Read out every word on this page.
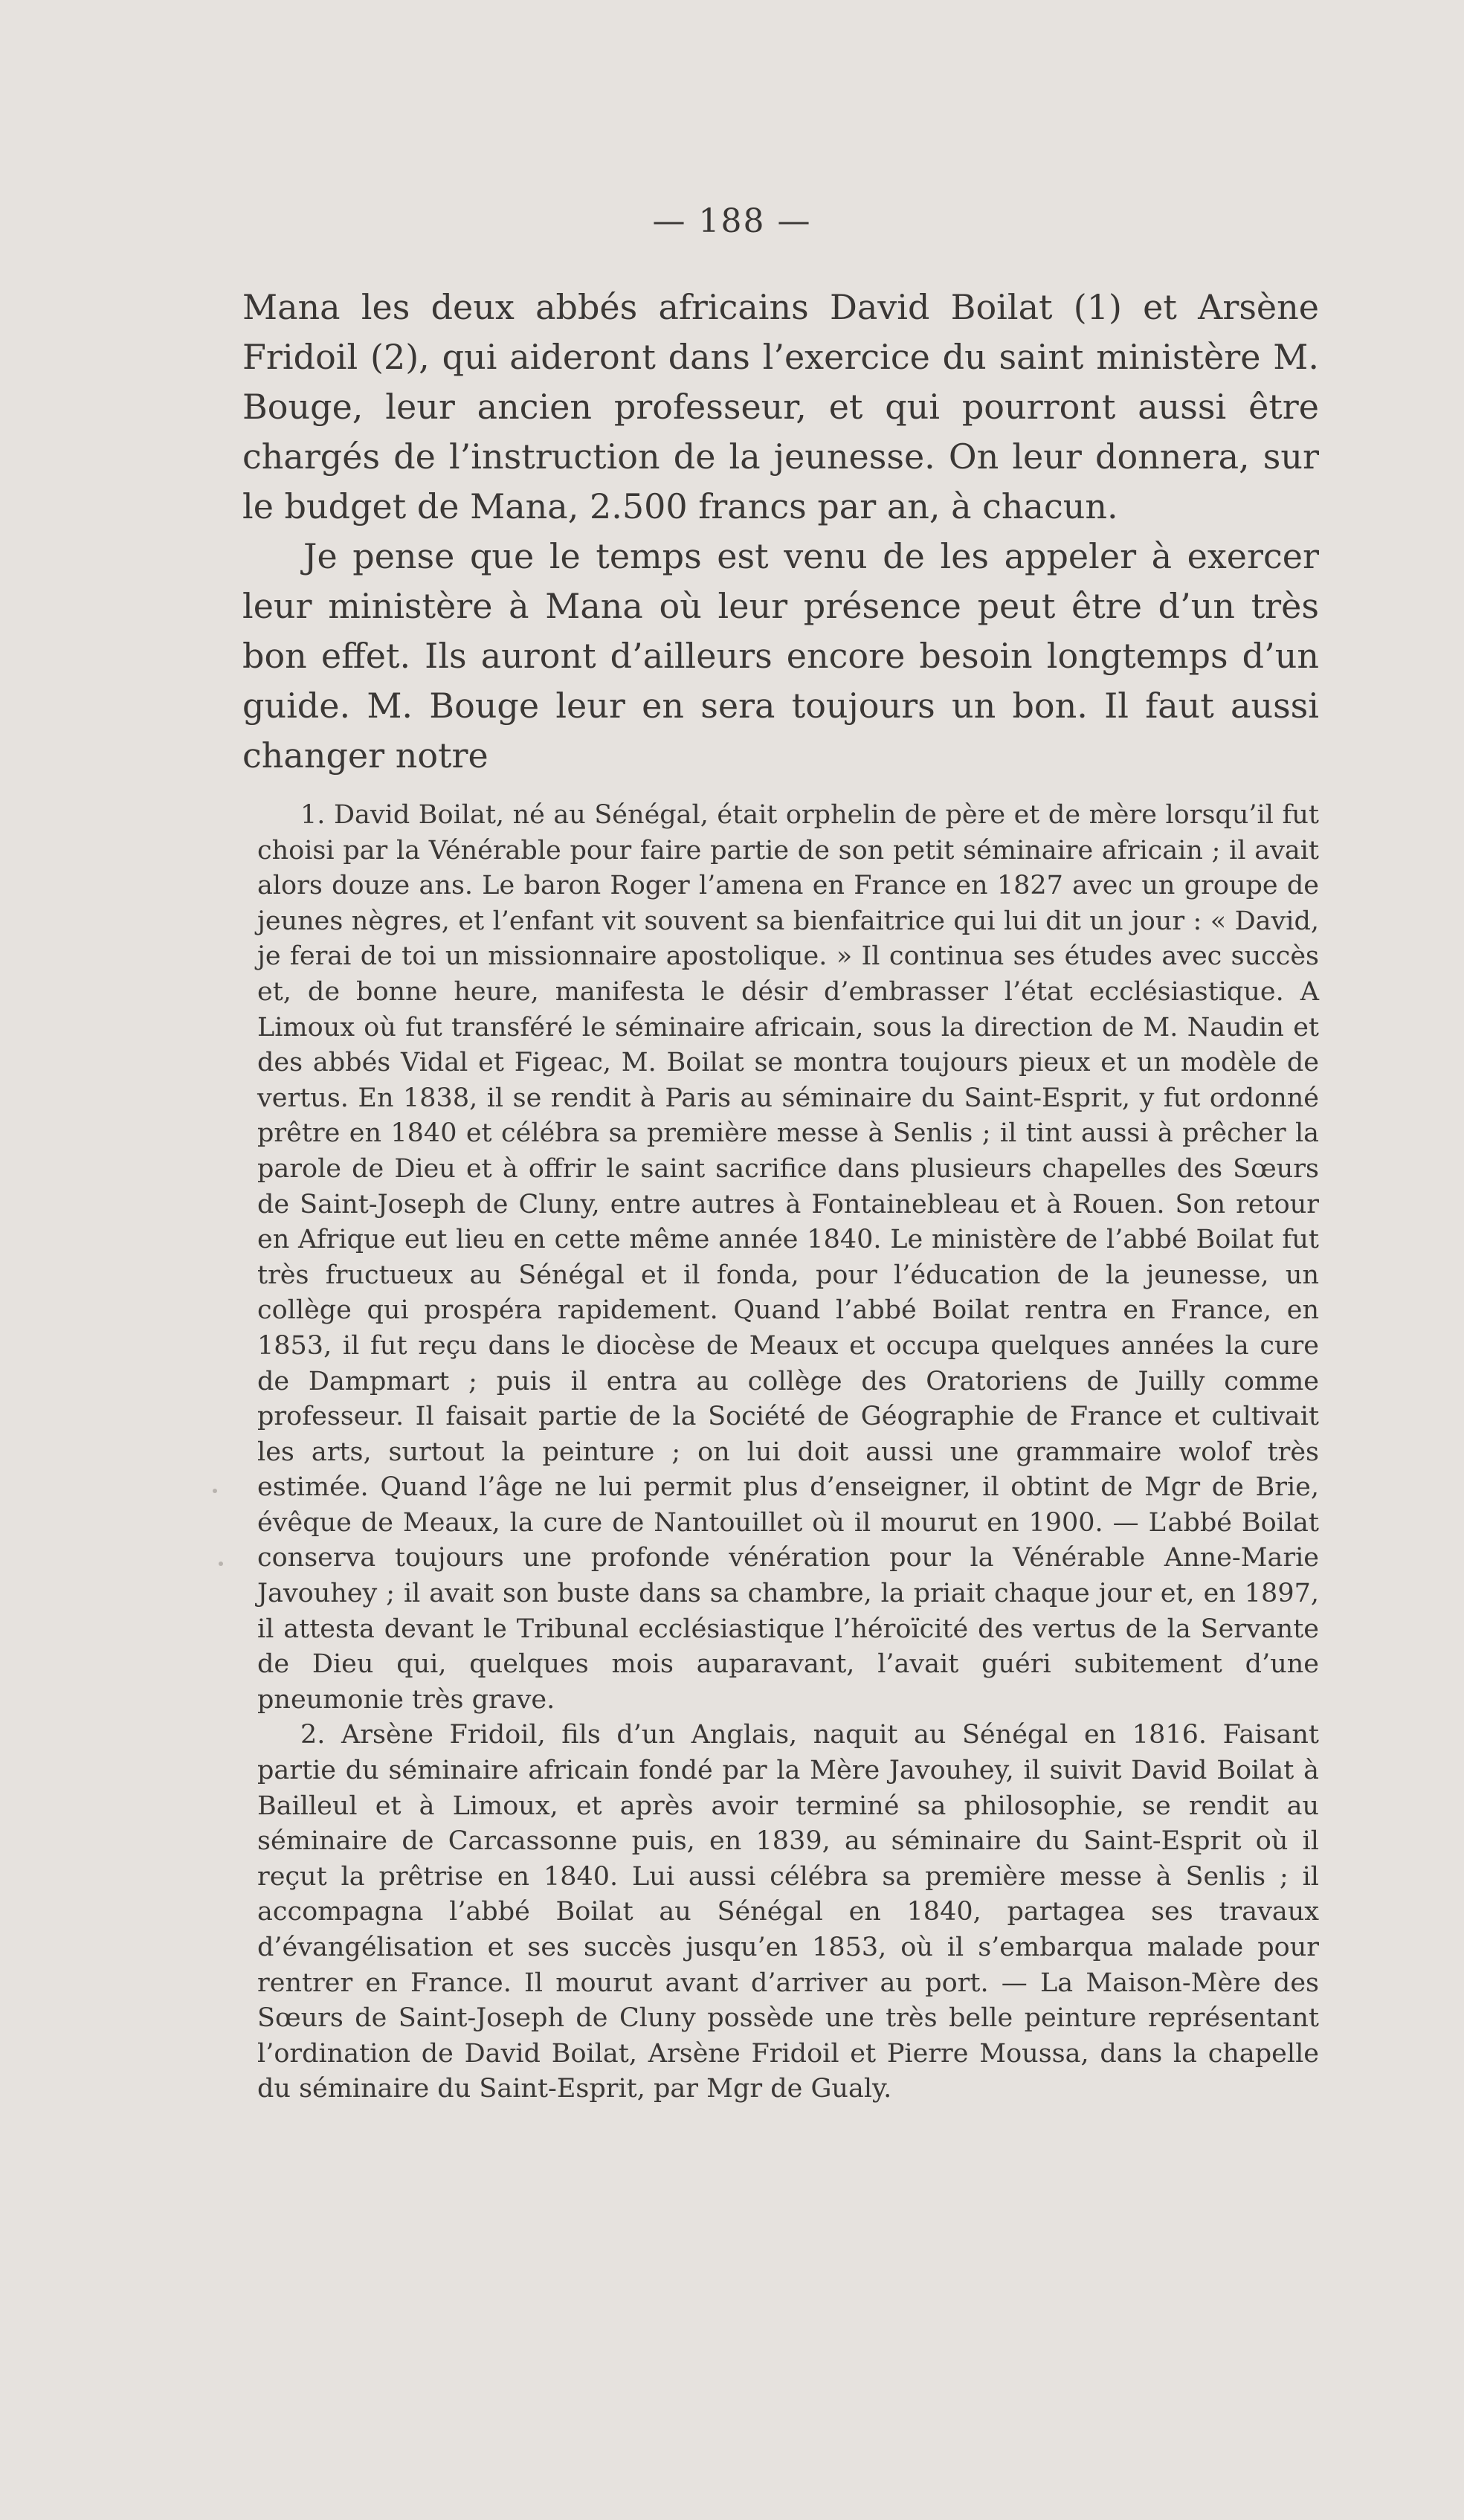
— 188 —

Mana les deux abbés africains David Boilat (1) et Arsène Fridoil (2), qui aideront dans l’exercice du saint ministère M. Bouge, leur ancien professeur, et qui pourront aussi être chargés de l’instruction de la jeunesse. On leur donnera, sur le budget de Mana, 2.500 francs par an, à chacun.

Je pense que le temps est venu de les appeler à exercer leur ministère à Mana où leur présence peut être d’un très bon effet. Ils auront d’ailleurs encore besoin longtemps d’un guide. M. Bouge leur en sera toujours un bon. Il faut aussi changer notre

1. David Boilat, né au Sénégal, était orphelin de père et de mère lorsqu’il fut choisi par la Vénérable pour faire partie de son petit séminaire africain ; il avait alors douze ans. Le baron Roger l’amena en France en 1827 avec un groupe de jeunes nègres, et l’enfant vit souvent sa bienfaitrice qui lui dit un jour : « David, je ferai de toi un missionnaire apostolique. » Il continua ses études avec succès et, de bonne heure, manifesta le désir d’embrasser l’état ecclésiastique. A Limoux où fut transféré le séminaire africain, sous la direction de M. Naudin et des abbés Vidal et Figeac, M. Boilat se montra toujours pieux et un modèle de vertus. En 1838, il se rendit à Paris au séminaire du Saint-Esprit, y fut ordonné prêtre en 1840 et célébra sa première messe à Senlis ; il tint aussi à prêcher la parole de Dieu et à offrir le saint sacrifice dans plusieurs chapelles des Sœurs de Saint-Joseph de Cluny, entre autres à Fontainebleau et à Rouen. Son retour en Afrique eut lieu en cette même année 1840. Le ministère de l’abbé Boilat fut très fructueux au Sénégal et il fonda, pour l’éducation de la jeunesse, un collège qui prospéra rapidement. Quand l’abbé Boilat rentra en France, en 1853, il fut reçu dans le diocèse de Meaux et occupa quelques années la cure de Dampmart ; puis il entra au collège des Oratoriens de Juilly comme professeur. Il faisait partie de la Société de Géographie de France et cultivait les arts, surtout la peinture ; on lui doit aussi une grammaire wolof très estimée. Quand l’âge ne lui permit plus d’enseigner, il obtint de Mgr de Brie, évêque de Meaux, la cure de Nantouillet où il mourut en 1900. — L’abbé Boilat conserva toujours une profonde vénération pour la Vénérable Anne-Marie Javouhey ; il avait son buste dans sa chambre, la priait chaque jour et, en 1897, il attesta devant le Tribunal ecclésiastique l’héroïcité des vertus de la Servante de Dieu qui, quelques mois auparavant, l’avait guéri subitement d’une pneumonie très grave.

2. Arsène Fridoil, fils d’un Anglais, naquit au Sénégal en 1816. Faisant partie du séminaire africain fondé par la Mère Javouhey, il suivit David Boilat à Bailleul et à Limoux, et après avoir terminé sa philosophie, se rendit au séminaire de Carcassonne puis, en 1839, au séminaire du Saint-Esprit où il reçut la prêtrise en 1840. Lui aussi célébra sa première messe à Senlis ; il accompagna l’abbé Boilat au Sénégal en 1840, partagea ses travaux d’évangélisation et ses succès jusqu’en 1853, où il s’embarqua malade pour rentrer en France. Il mourut avant d’arriver au port. — La Maison-Mère des Sœurs de Saint-Joseph de Cluny possède une très belle peinture représentant l’ordination de David Boilat, Arsène Fridoil et Pierre Moussa, dans la chapelle du séminaire du Saint-Esprit, par Mgr de Gualy.
